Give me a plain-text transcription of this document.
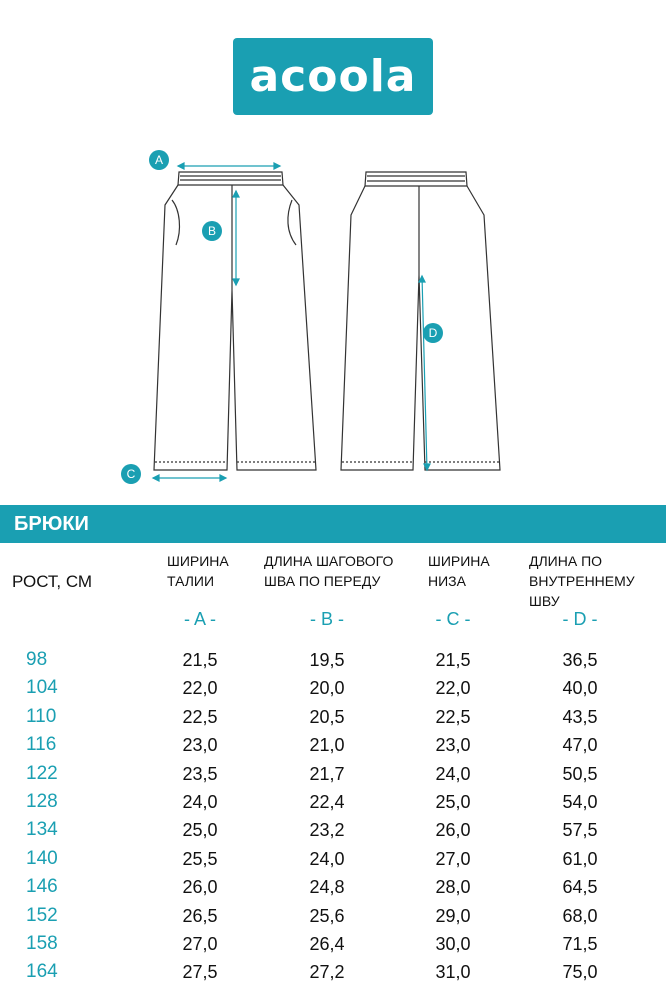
acoola
A
B
C
D
БРЮКИ
РОСТ, СМ
ШИРИНА
ТАЛИИ
ДЛИНА ШАГОВОГО
ШВА ПО ПЕРЕДУ
ШИРИНА
НИЗА
ДЛИНА ПО
ВНУТРЕННЕМУ ШВУ
- A -	- B -	- C -	- D -
98	21,5	19,5	21,5	36,5
104	22,0	20,0	22,0	40,0
110	22,5	20,5	22,5	43,5
116	23,0	21,0	23,0	47,0
122	23,5	21,7	24,0	50,5
128	24,0	22,4	25,0	54,0
134	25,0	23,2	26,0	57,5
140	25,5	24,0	27,0	61,0
146	26,0	24,8	28,0	64,5
152	26,5	25,6	29,0	68,0
158	27,0	26,4	30,0	71,5
164	27,5	27,2	31,0	75,0
